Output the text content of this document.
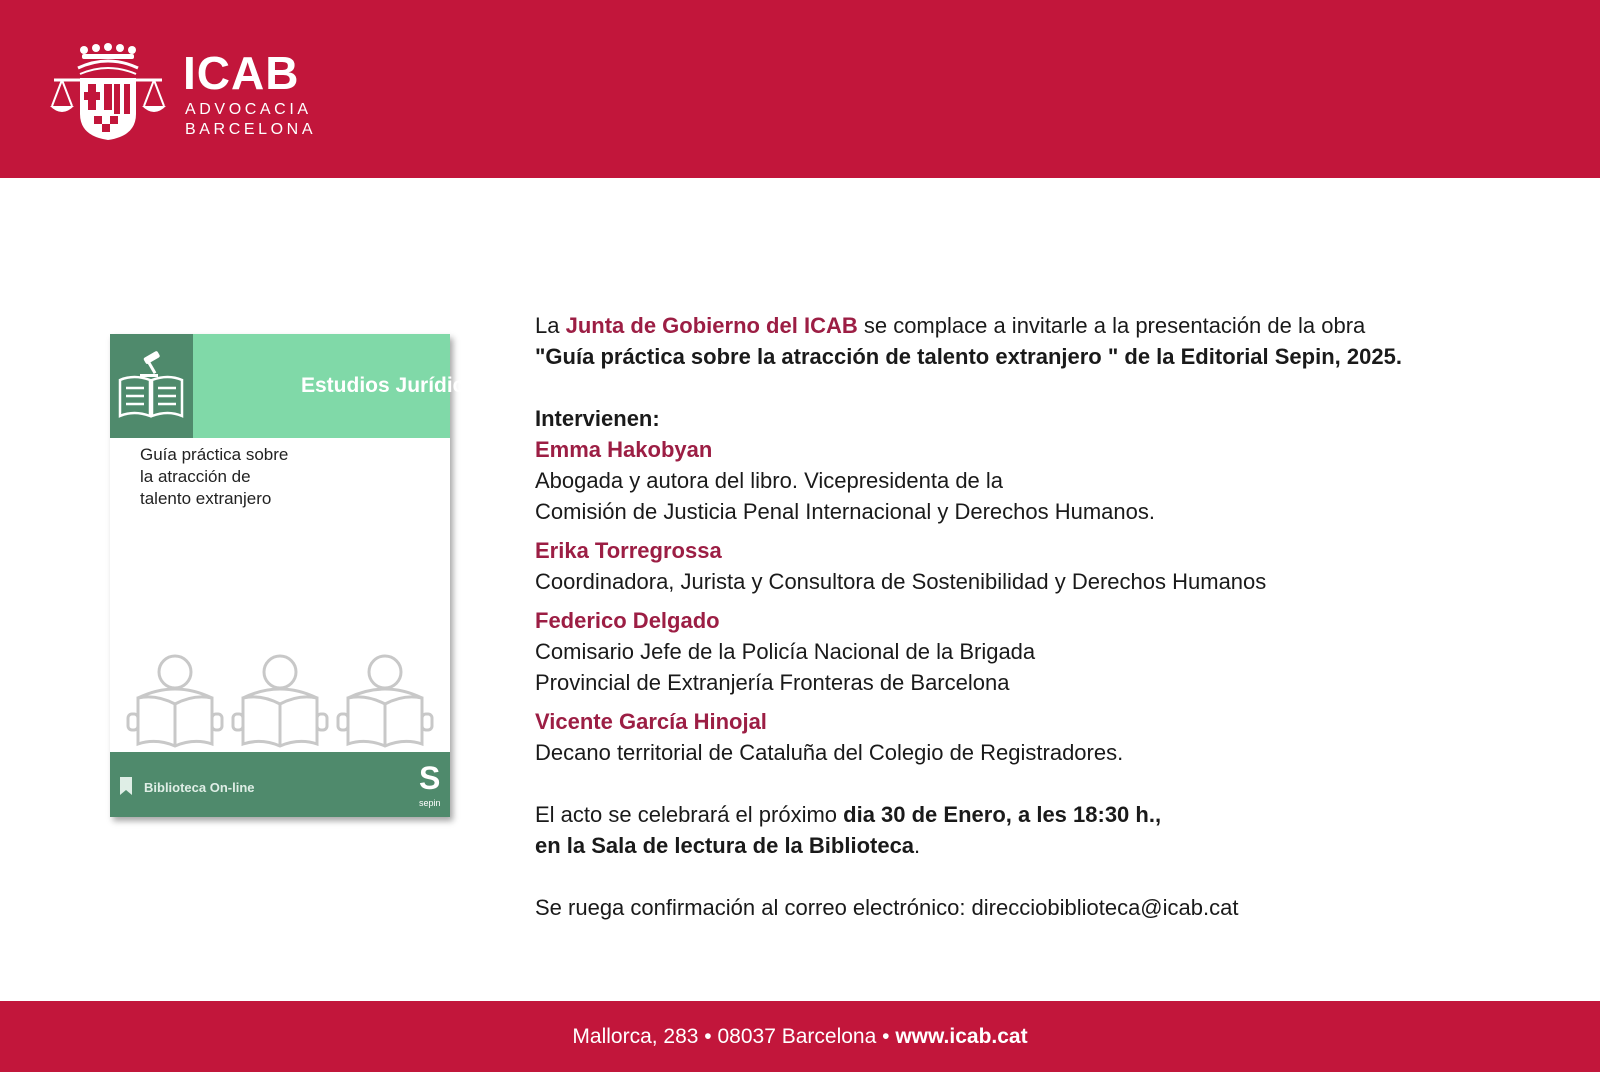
ICAB
ADVOCACIA
BARCELONA
Estudios Jurídicos
Guía práctica sobre
la atracción de
talento extranjero
Biblioteca On-line	S
sepin

La Junta de Gobierno del ICAB se complace a invitarle a la presentación de la obra

"Guía práctica sobre la atracción de talento extranjero " de la Editorial Sepin, 2025.

Intervienen:

Emma Hakobyan

Abogada y autora del libro. Vicepresidenta de la

Comisión de Justicia Penal Internacional y Derechos Humanos.

Erika Torregrossa

Coordinadora, Jurista y Consultora de Sostenibilidad y Derechos Humanos

Federico Delgado

Comisario Jefe de la Policía Nacional de la Brigada

Provincial de Extranjería Fronteras de Barcelona

Vicente García Hinojal

Decano territorial de Cataluña del Colegio de Registradores.

El acto se celebrará el próximo dia 30 de Enero, a les 18:30 h.,

en la Sala de lectura de la Biblioteca.

Se ruega confirmación al correo electrónico: direcciobiblioteca@icab.cat

Mallorca, 283 • 08037 Barcelona • www.icab.cat
